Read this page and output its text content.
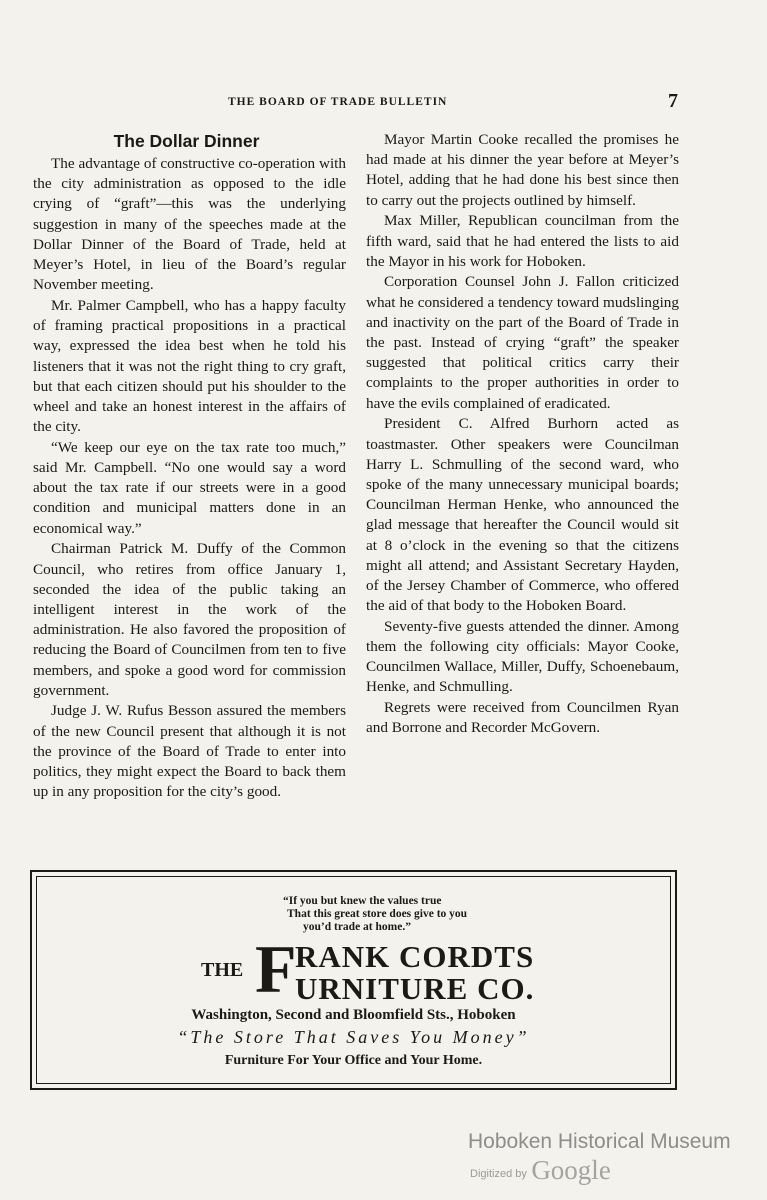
THE BOARD OF TRADE BULLETIN	7
The Dollar Dinner

The advantage of constructive co-operation with the city administration as opposed to the idle crying of “graft”—this was the underlying suggestion in many of the speeches made at the Dollar Dinner of the Board of Trade, held at Meyer’s Hotel, in lieu of the Board’s regular November meeting.

Mr. Palmer Campbell, who has a happy faculty of framing practical propositions in a practical way, expressed the idea best when he told his listeners that it was not the right thing to cry graft, but that each citizen should put his shoulder to the wheel and take an honest interest in the affairs of the city.

“We keep our eye on the tax rate too much,” said Mr. Campbell. “No one would say a word about the tax rate if our streets were in a good condition and municipal matters done in an economical way.”

Chairman Patrick M. Duffy of the Common Council, who retires from office January 1, seconded the idea of the public taking an intelligent interest in the work of the administration. He also favored the proposition of reducing the Board of Councilmen from ten to five members, and spoke a good word for commission government.

Judge J. W. Rufus Besson assured the members of the new Council present that although it is not the province of the Board of Trade to enter into politics, they might expect the Board to back them up in any proposition for the city’s good.

Mayor Martin Cooke recalled the promises he had made at his dinner the year before at Meyer’s Hotel, adding that he had done his best since then to carry out the projects outlined by himself.

Max Miller, Republican councilman from the fifth ward, said that he had entered the lists to aid the Mayor in his work for Hoboken.

Corporation Counsel John J. Fallon criticized what he considered a tendency toward mudslinging and inactivity on the part of the Board of Trade in the past. Instead of crying “graft” the speaker suggested that political critics carry their complaints to the proper authorities in order to have the evils complained of eradicated.

President C. Alfred Burhorn acted as toastmaster. Other speakers were Councilman Harry L. Schmulling of the second ward, who spoke of the many unnecessary municipal boards; Councilman Herman Henke, who announced the glad message that hereafter the Council would sit at 8 o’clock in the evening so that the citizens might all attend; and Assistant Secretary Hayden, of the Jersey Chamber of Commerce, who offered the aid of that body to the Hoboken Board.

Seventy-five guests attended the dinner. Among them the following city officials: Mayor Cooke, Councilmen Wallace, Miller, Duffy, Schoenebaum, Henke, and Schmulling.

Regrets were received from Councilmen Ryan and Borrone and Recorder McGovern.

“If you but knew the values true
That this great store does give to you
you’d trade at home.”
THE F
RANK CORDTS
URNITURE CO.
Washington, Second and Bloomfield Sts., Hoboken
“The Store That Saves You Money”
Furniture For Your Office and Your Home.
Hoboken Historical Museum
Digitized by Google
